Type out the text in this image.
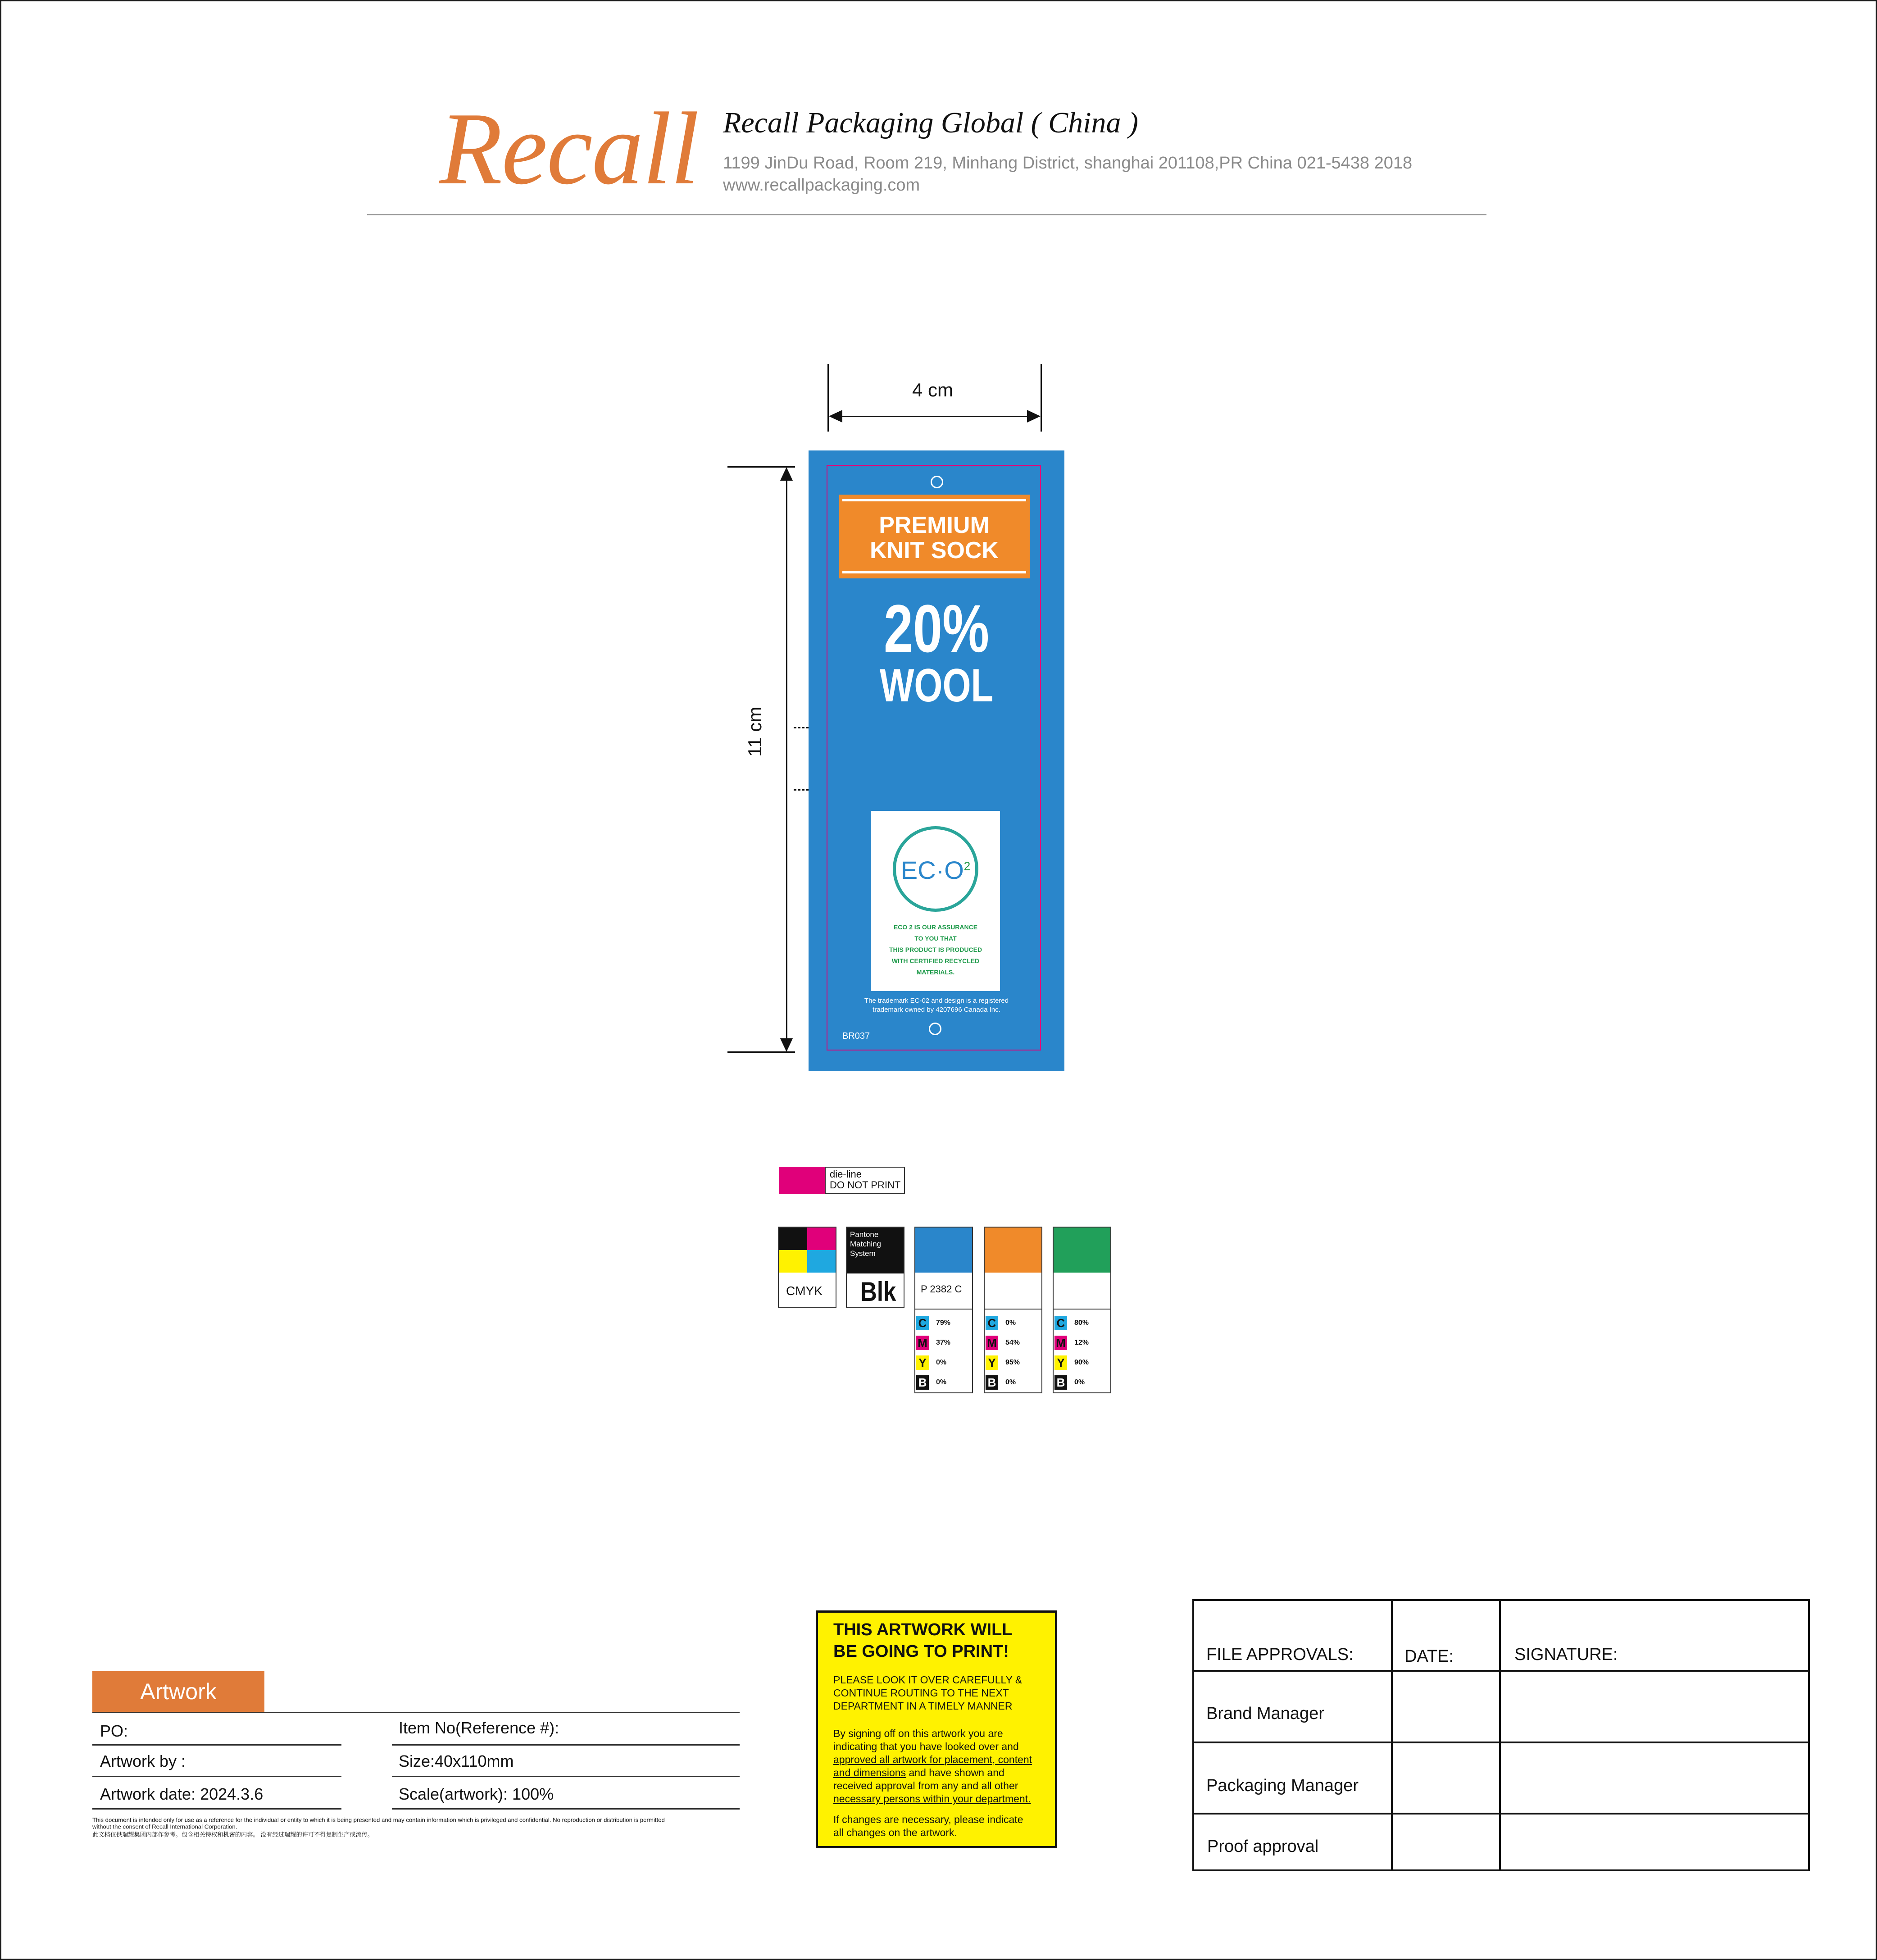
Recall Recall Packaging Global ( China )
1199 JinDu Road, Room 219, Minhang District, shanghai 201108,PR China 021-5438 2018
www.recallpackaging.com
4 cm
11 cm
PREMIUM
KNIT SOCK
20%
WOOL
$EC\cdot O^2$
ECO 2 IS OUR ASSURANCE
TO YOU THAT
THIS PRODUCT IS PRODUCED
WITH CERTIFIED RECYCLED
MATERIALS.
The trademark EC-02 and design is a registered
trademark owned by 4207696 Canada Inc.
BR037
die-line
DO NOT PRINT
CMYK
Pantone
Matching
System
Blk P 2382 C
C 79%
M 37%
Y	0%
B 0%
C 0%
M 54%
Y	95%
B 0%
C 80%
M 12%
Y	90%
B 0%
Artwork
PO:	Item No(Reference #):
Artwork by :	Size:40x110mm
Artwork date: 2024.3.6	Scale(artwork): 100%
This document is intended only for use as a reference for the individual or entity to which it is being presented and may contain information which is privileged and confidential. No reproduction or distribution is permitted
without the consent of Recall International Corporation.
此文档仅供瑞耀集团内部作参考。包含相关特权和机密的内容。 没有经过瑞耀的许可不得复制生产或流传。
THIS ARTWORK WILL
BE GOING TO PRINT!
PLEASE LOOK IT OVER CAREFULLY &
CONTINUE ROUTING TO THE NEXT
DEPARTMENT IN A TIMELY MANNER
By signing off on this artwork you are
indicating that you have looked over and
approved all artwork for placement, content
and dimensions and have shown and
received approval from any and all other
necessary persons within your department.
If changes are necessary, please indicate
all changes on the artwork.
FILE APPROVALS:	DATE:	SIGNATURE:
Brand Manager
Packaging Manager
Proof approval
